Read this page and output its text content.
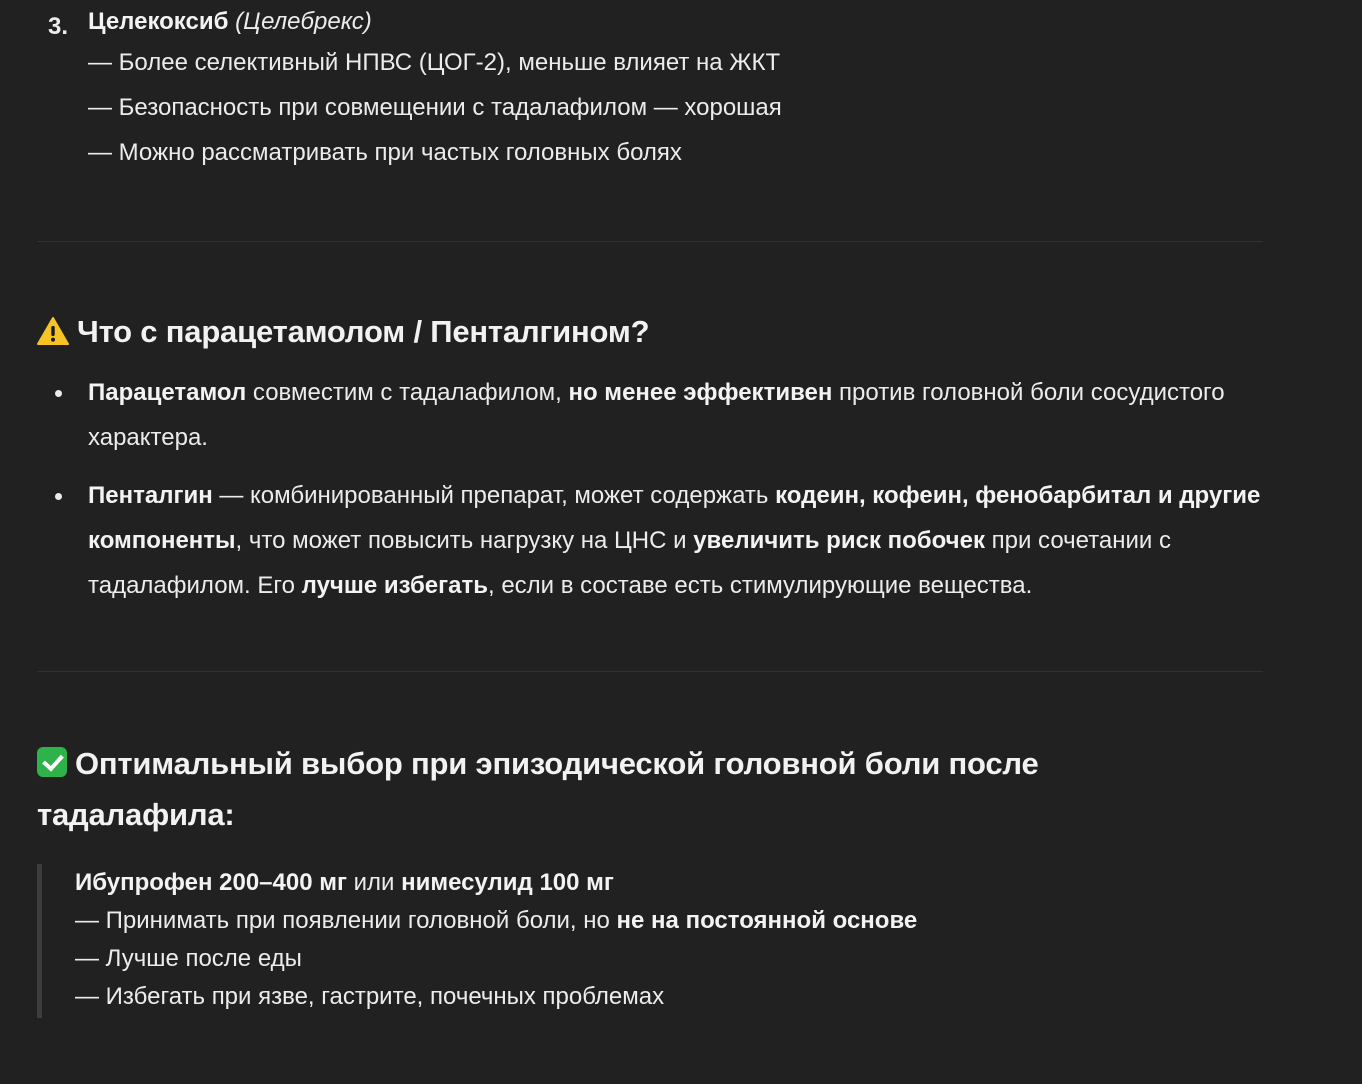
3. Целекоксиб (Целебрекс)
— Более селективный НПВС (ЦОГ-2), меньше влияет на ЖКТ
— Безопасность при совмещении с тадалафилом — хорошая
— Можно рассматривать при частых головных болях
Что с парацетамолом / Пенталгином?
Парацетамол совместим с тадалафилом, но менее эффективен против головной боли сосудистого характера.
Пенталгин — комбинированный препарат, может содержать кодеин, кофеин, фенобарбитал и другие компоненты, что может повысить нагрузку на ЦНС и увеличить риск побочек при сочетании с тадалафилом. Его лучше избегать, если в составе есть стимулирующие вещества.
Оптимальный выбор при эпизодической головной боли после тадалафила:
Ибупрофен 200–400 мг или нимесулид 100 мг
— Принимать при появлении головной боли, но не на постоянной основе
— Лучше после еды
— Избегать при язве, гастрите, почечных проблемах
